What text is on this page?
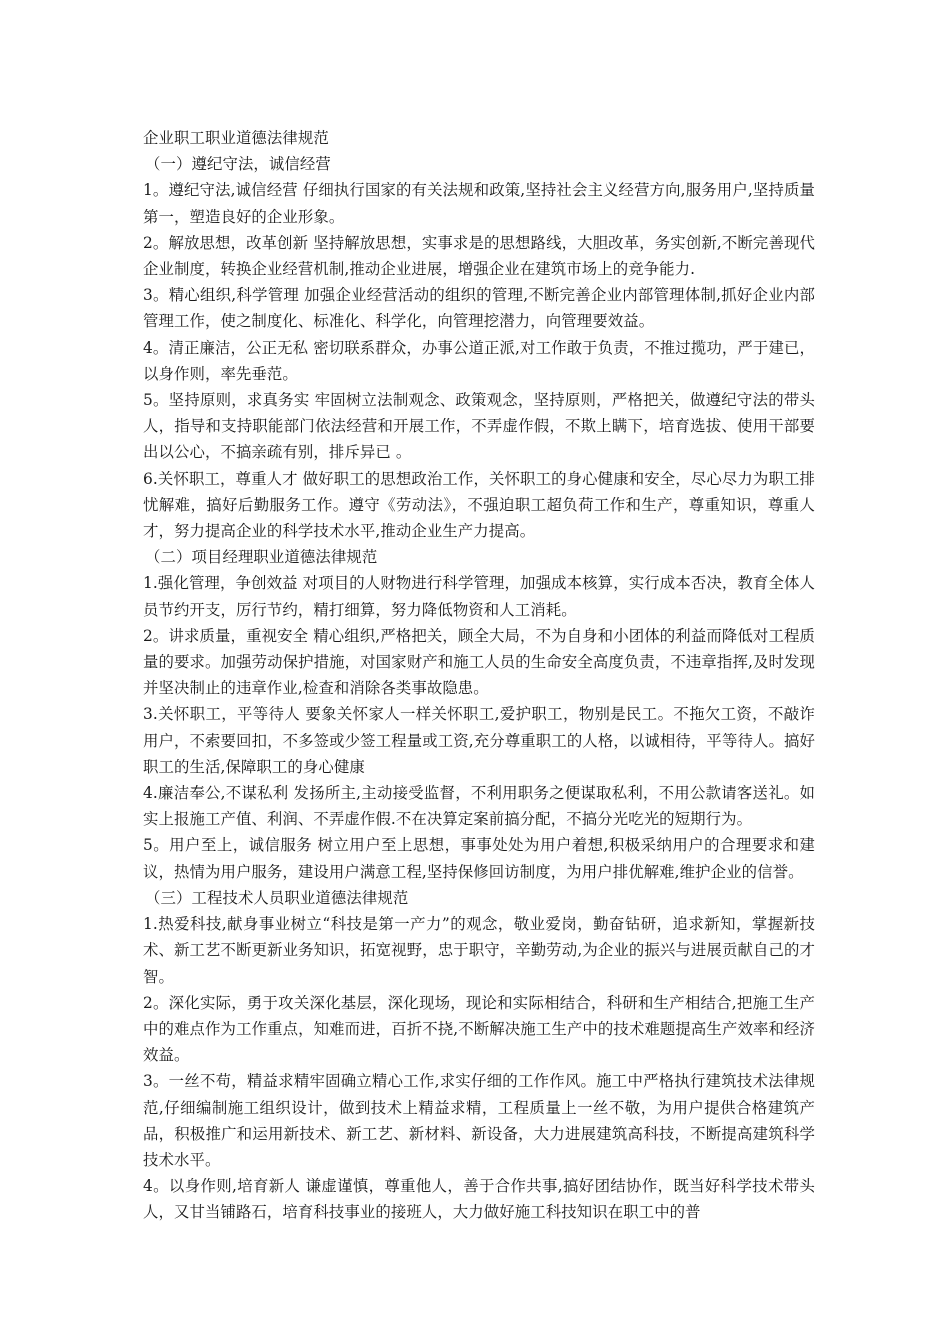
企业职工职业道德法律规范

（一）遵纪守法，诚信经营

1。遵纪守法,诚信经营 仔细执行国家的有关法规和政策,坚持社会主义经营方向,服务用户,坚持质量第一，塑造良好的企业形象。

2。解放思想，改革创新 坚持解放思想，实事求是的思想路线，大胆改革，务实创新,不断完善现代企业制度，转换企业经营机制,推动企业进展，增强企业在建筑市场上的竞争能力.

3。精心组织,科学管理 加强企业经营活动的组织的管理,不断完善企业内部管理体制,抓好企业内部管理工作，使之制度化、标准化、科学化，向管理挖潜力，向管理要效益。

4。清正廉洁，公正无私 密切联系群众，办事公道正派,对工作敢于负责，不推过揽功，严于建已，以身作则，率先垂范。

5。坚持原则，求真务实 牢固树立法制观念、政策观念，坚持原则，严格把关，做遵纪守法的带头人，指导和支持职能部门依法经营和开展工作，不弄虚作假，不欺上瞒下，培育选拔、使用干部要出以公心，不搞亲疏有别，排斥异已 。

6.关怀职工，尊重人才 做好职工的思想政治工作，关怀职工的身心健康和安全，尽心尽力为职工排忧解难，搞好后勤服务工作。遵守《劳动法》，不强迫职工超负荷工作和生产，尊重知识，尊重人才，努力提高企业的科学技术水平,推动企业生产力提高。

（二）项目经理职业道德法律规范

1.强化管理，争创效益 对项目的人财物进行科学管理，加强成本核算，实行成本否决，教育全体人员节约开支，厉行节约，精打细算，努力降低物资和人工消耗。

2。讲求质量，重视安全 精心组织,严格把关，顾全大局，不为自身和小团体的利益而降低对工程质量的要求。加强劳动保护措施，对国家财产和施工人员的生命安全高度负责，不违章指挥,及时发现并坚决制止的违章作业,检查和消除各类事故隐患。

3.关怀职工，平等待人 要象关怀家人一样关怀职工,爱护职工，物别是民工。不拖欠工资，不敲诈用户，不索要回扣，不多签或少签工程量或工资,充分尊重职工的人格，以诚相待，平等待人。搞好职工的生活,保障职工的身心健康

4.廉洁奉公,不谋私利 发扬所主,主动接受监督，不利用职务之便谋取私利，不用公款请客送礼。如实上报施工产值、利润、不弄虚作假.不在决算定案前搞分配，不搞分光吃光的短期行为。

5。用户至上，诚信服务 树立用户至上思想，事事处处为用户着想,积极采纳用户的合理要求和建议，热情为用户服务，建设用户满意工程,坚持保修回访制度，为用户排优解难,维护企业的信誉。

（三）工程技术人员职业道德法律规范

1.热爱科技,献身事业树立“科技是第一产力”的观念，敬业爱岗，勤奋钻研，追求新知，掌握新技术、新工艺不断更新业务知识，拓宽视野，忠于职守，辛勤劳动,为企业的振兴与进展贡献自己的才智。

2。深化实际，勇于攻关深化基层，深化现场，现论和实际相结合，科研和生产相结合,把施工生产中的难点作为工作重点，知难而进，百折不挠,不断解决施工生产中的技术难题提高生产效率和经济效益。

3。一丝不苟，精益求精牢固确立精心工作,求实仔细的工作作风。施工中严格执行建筑技术法律规范,仔细编制施工组织设计，做到技术上精益求精，工程质量上一丝不敬，为用户提供合格建筑产品，积极推广和运用新技术、新工艺、新材料、新设备，大力进展建筑高科技，不断提高建筑科学技术水平。

4。以身作则,培育新人 谦虚谨慎，尊重他人，善于合作共事,搞好团结协作，既当好科学技术带头人，又甘当铺路石，培育科技事业的接班人，大力做好施工科技知识在职工中的普
